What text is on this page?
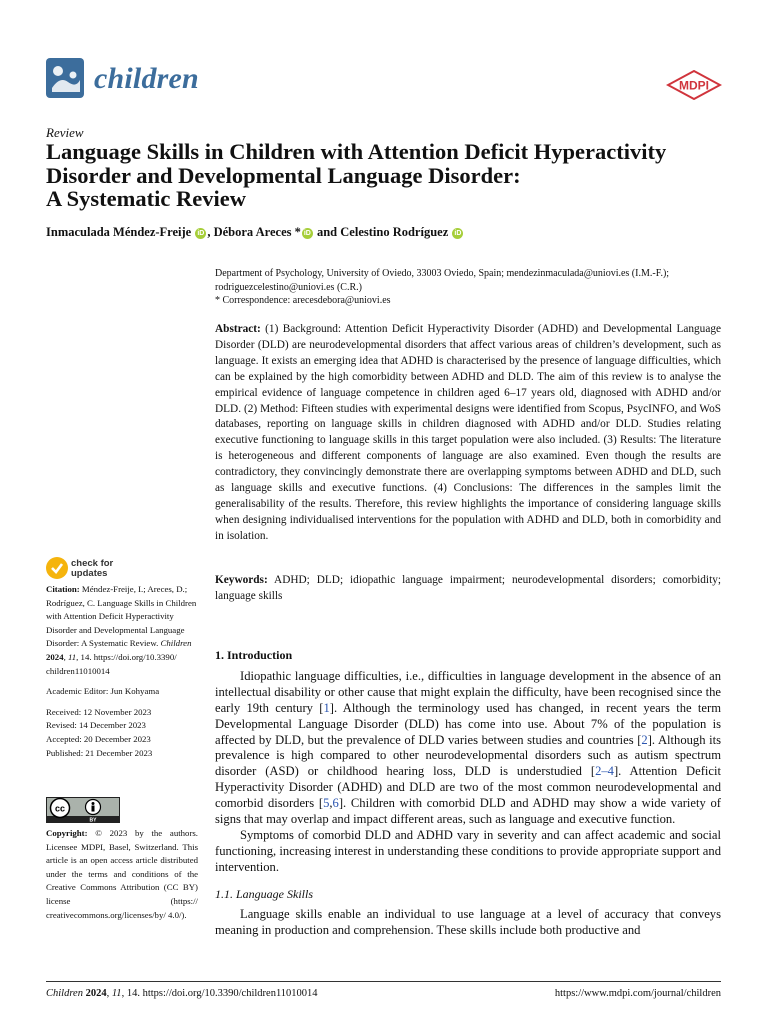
children	MDPI
Review
Language Skills in Children with Attention Deficit Hyperactivity
Disorder and Developmental Language Disorder:
A Systematic Review
Inmaculada Méndez-Freije iD , Débora Areces * iD and Celestino Rodríguez iD
Department of Psychology, University of Oviedo, 33003 Oviedo, Spain; mendezinmaculada@uniovi.es (I.M.-F.);
rodriguezcelestino@uniovi.es (C.R.)
* Correspondence: arecesdebora@uniovi.es
Abstract: (1) Background: Attention Deficit Hyperactivity Disorder (ADHD) and Developmental Language Disorder (DLD) are neurodevelopmental disorders that affect various areas of children’s development, such as language. It exists an emerging idea that ADHD is characterised by the presence of language difficulties, which can be explained by the high comorbidity between ADHD and DLD. The aim of this review is to analyse the empirical evidence of language competence in children aged 6–17 years old, diagnosed with ADHD and/or DLD. (2) Method: Fifteen studies with experimental designs were identified from Scopus, PsycINFO, and WoS databases, reporting on language skills in children diagnosed with ADHD and/or DLD. Studies relating executive functioning to language skills in this target population were also included. (3) Results: The literature is heterogeneous and different components of language are also examined. Even though the results are contradictory, they convincingly demonstrate there are overlapping symptoms between ADHD and DLD, such as language skills and executive functions. (4) Conclusions: The differences in the samples limit the generalisability of the results. Therefore, this review highlights the importance of considering language skills when designing individualised interventions for the population with ADHD and DLD, both in comorbidity and in isolation.
Keywords: ADHD; DLD; idiopathic language impairment; neurodevelopmental disorders; comorbidity; language skills
check for
updates

Citation: Méndez-Freije, I.; Areces, D.; Rodríguez, C. Language Skills in Children with Attention Deficit Hyperactivity Disorder and Developmental Language Disorder: A Systematic Review. Children 2024, 11, 14. https://doi.org/10.3390/ children11010014

Academic Editor: Jun Kohyama

Received: 12 November 2023

Revised: 14 December 2023

Accepted: 20 December 2023

Published: 21 December 2023

cc
BY
Copyright: © 2023 by the authors. Licensee MDPI, Basel, Switzerland. This article is an open access article distributed under the terms and conditions of the Creative Commons Attribution (CC BY) license (https:// creativecommons.org/licenses/by/ 4.0/).
1. Introduction

Idiopathic language difficulties, i.e., difficulties in language development in the absence of an intellectual disability or other cause that might explain the difficulty, have been recognised since the early 19th century [1]. Although the terminology used has changed, in recent years the term Developmental Language Disorder (DLD) has come into use. About 7% of the population is affected by DLD, but the prevalence of DLD varies between studies and countries [2]. Although its prevalence is high compared to other neurodevelopmental disorders such as autism spectrum disorder (ASD) or childhood hearing loss, DLD is understudied [2–4]. Attention Deficit Hyperactivity Disorder (ADHD) and DLD are two of the most common neurodevelopmental and comorbid disorders [5,6]. Children with comorbid DLD and ADHD may show a wide variety of signs that may overlap and impact different areas, such as language and executive function.

Symptoms of comorbid DLD and ADHD vary in severity and can affect academic and social functioning, increasing interest in understanding these conditions to provide appropriate support and intervention.

1.1. Language Skills

Language skills enable an individual to use language at a level of accuracy that conveys meaning in production and comprehension. These skills include both productive and

Children 2024, 11, 14. https://doi.org/10.3390/children11010014	https://www.mdpi.com/journal/children
